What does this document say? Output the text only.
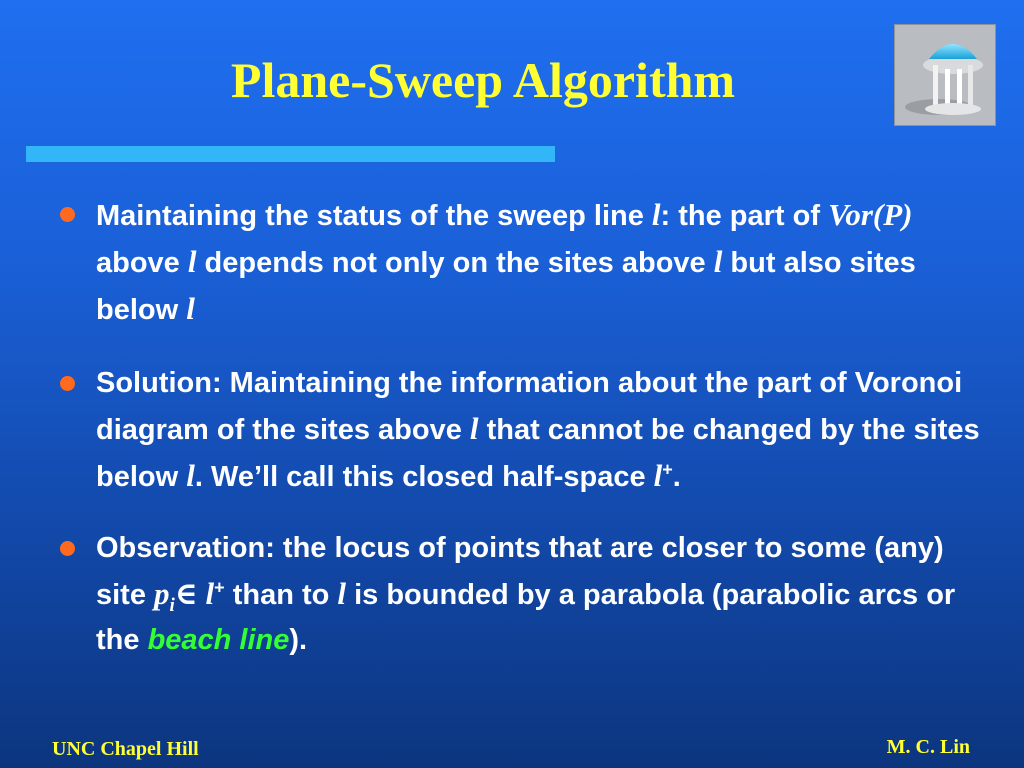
Plane-Sweep Algorithm
Maintaining the status of the sweep line l: the part of Vor(P) above l depends not only on the sites above l but also sites below l
Solution: Maintaining the information about the part of Voronoi diagram of the sites above l that cannot be changed by the sites below l. We’ll call this closed half-space l+.
Observation: the locus of points that are closer to some (any) site $p_i\in$ l+ than to l is bounded by a parabola (parabolic arcs or the beach line).
UNC Chapel Hill	M. C. Lin
